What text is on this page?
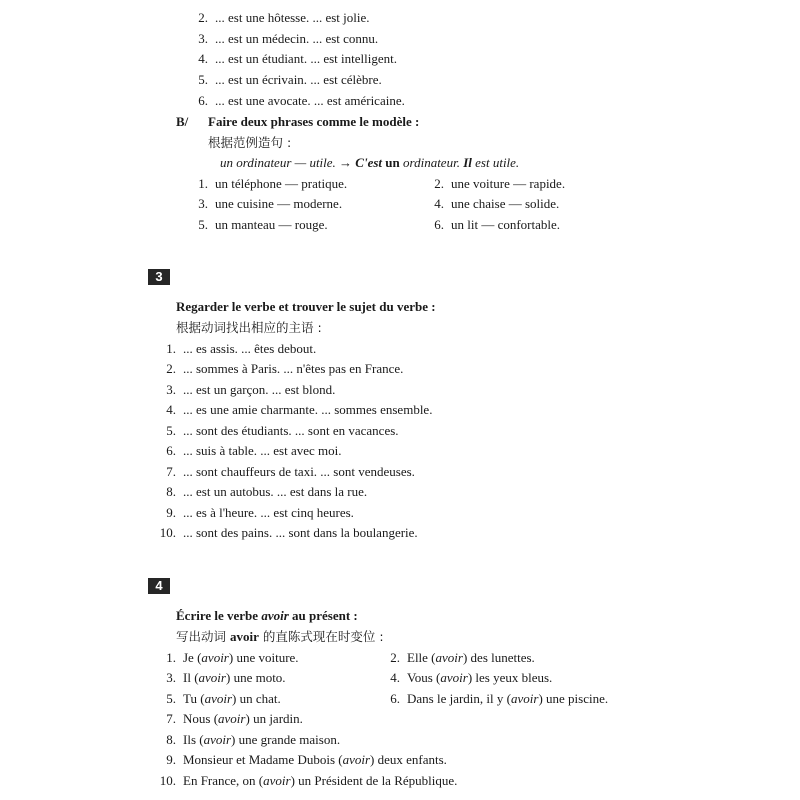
2. ... est une hôtesse. ... est jolie.
3. ... est un médecin. ... est connu.
4. ... est un étudiant. ... est intelligent.
5. ... est un écrivain. ... est célèbre.
6. ... est une avocate. ... est américaine.
B/ Faire deux phrases comme le modèle :
根据范例造句 :
un ordinateur — utile. → C'est un ordinateur. Il est utile.
1. un téléphone — pratique.	2. une voiture — rapide.
3. une cuisine — moderne.	4. une chaise — solide.
5. un manteau — rouge.	6. un lit — confortable.
3
Regarder le verbe et trouver le sujet du verbe :
根据动词找出相应的主语 :
1. ... es assis. ... êtes debout.
2. ... sommes à Paris. ... n'êtes pas en France.
3. ... est un garçon. ... est blond.
4. ... es une amie charmante. ... sommes ensemble.
5. ... sont des étudiants. ... sont en vacances.
6. ... suis à table. ... est avec moi.
7. ... sont chauffeurs de taxi. ... sont vendeuses.
8. ... est un autobus. ... est dans la rue.
9. ... es à l'heure. ... est cinq heures.
10. ... sont des pains. ... sont dans la boulangerie.
4
Écrire le verbe avoir au présent :
写出动词 avoir 的直陈式现在时变位 :
1. Je (avoir) une voiture.	2. Elle (avoir) des lunettes.
3. Il (avoir) une moto.	4. Vous (avoir) les yeux bleus.
5. Tu (avoir) un chat.	6. Dans le jardin, il y (avoir) une piscine.
7. Nous (avoir) un jardin.
8. Ils (avoir) une grande maison.
9. Monsieur et Madame Dubois (avoir) deux enfants.
10. En France, on (avoir) un Président de la République.
